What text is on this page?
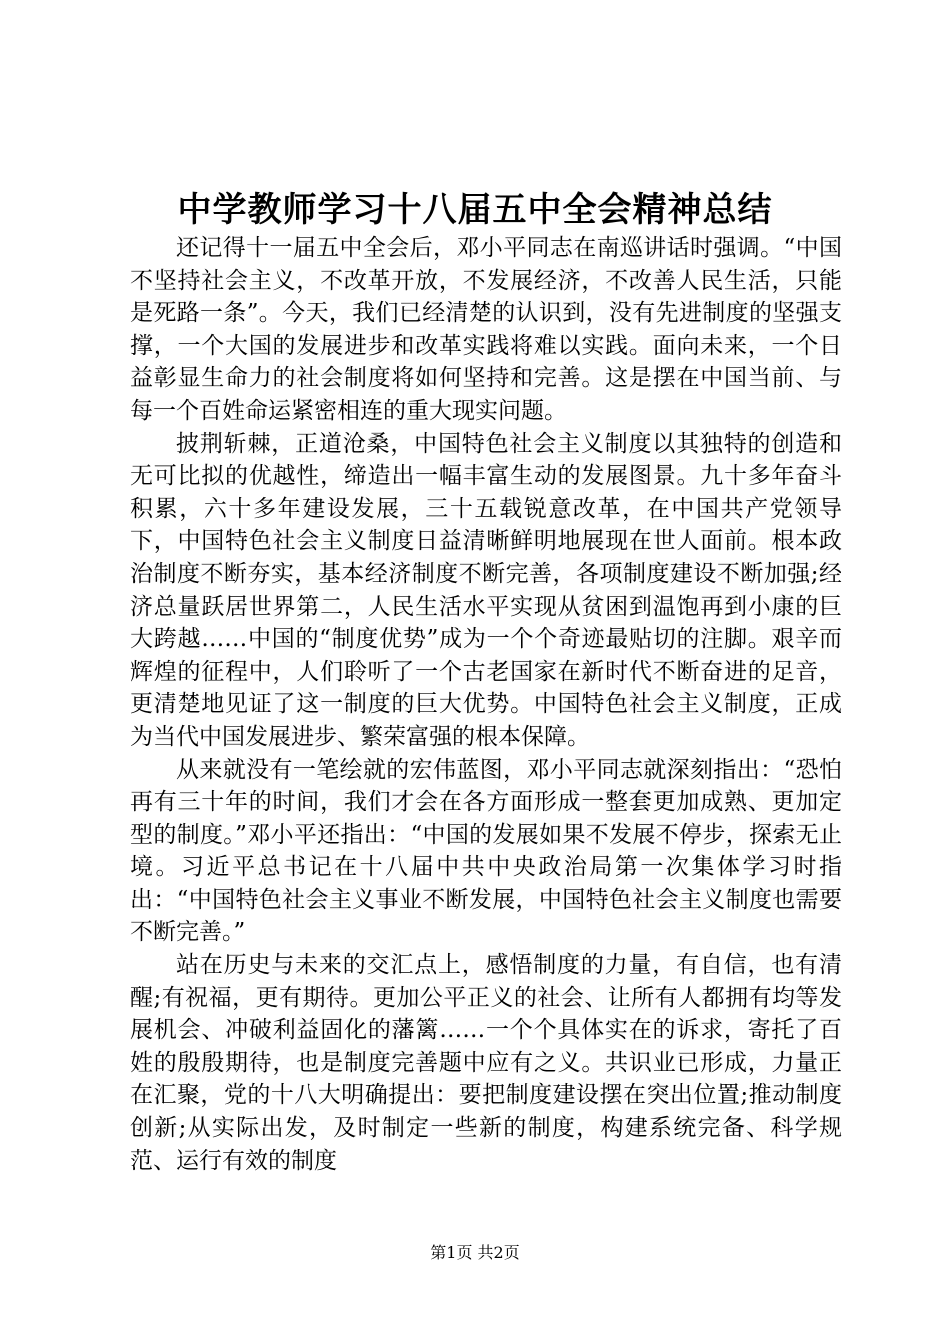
中学教师学习十八届五中全会精神总结

还记得十一届五中全会后，邓小平同志在南巡讲话时强调。“中国不坚持社会主义，不改革开放，不发展经济，不改善人民生活，只能是死路一条”。今天，我们已经清楚的认识到，没有先进制度的坚强支撑，一个大国的发展进步和改革实践将难以实践。面向未来，一个日益彰显生命力的社会制度将如何坚持和完善。这是摆在中国当前、与每一个百姓命运紧密相连的重大现实问题。

披荆斩棘，正道沧桑，中国特色社会主义制度以其独特的创造和无可比拟的优越性，缔造出一幅丰富生动的发展图景。九十多年奋斗积累，六十多年建设发展，三十五载锐意改革，在中国共产党领导下，中国特色社会主义制度日益清晰鲜明地展现在世人面前。根本政治制度不断夯实，基本经济制度不断完善，各项制度建设不断加强;经济总量跃居世界第二，人民生活水平实现从贫困到温饱再到小康的巨大跨越……中国的“制度优势”成为一个个奇迹最贴切的注脚。艰辛而辉煌的征程中，人们聆听了一个古老国家在新时代不断奋进的足音，更清楚地见证了这一制度的巨大优势。中国特色社会主义制度，正成为当代中国发展进步、繁荣富强的根本保障。

从来就没有一笔绘就的宏伟蓝图，邓小平同志就深刻指出：“恐怕再有三十年的时间，我们才会在各方面形成一整套更加成熟、更加定型的制度。”邓小平还指出：“中国的发展如果不发展不停步，探索无止境。习近平总书记在十八届中共中央政治局第一次集体学习时指出：“中国特色社会主义事业不断发展，中国特色社会主义制度也需要不断完善。”

站在历史与未来的交汇点上，感悟制度的力量，有自信，也有清醒;有祝福，更有期待。更加公平正义的社会、让所有人都拥有均等发展机会、冲破利益固化的藩篱……一个个具体实在的诉求，寄托了百姓的殷殷期待，也是制度完善题中应有之义。共识业已形成，力量正在汇聚，党的十八大明确提出：要把制度建设摆在突出位置;推动制度创新;从实际出发，及时制定一些新的制度，构建系统完备、科学规范、运行有效的制度

第1页 共2页
